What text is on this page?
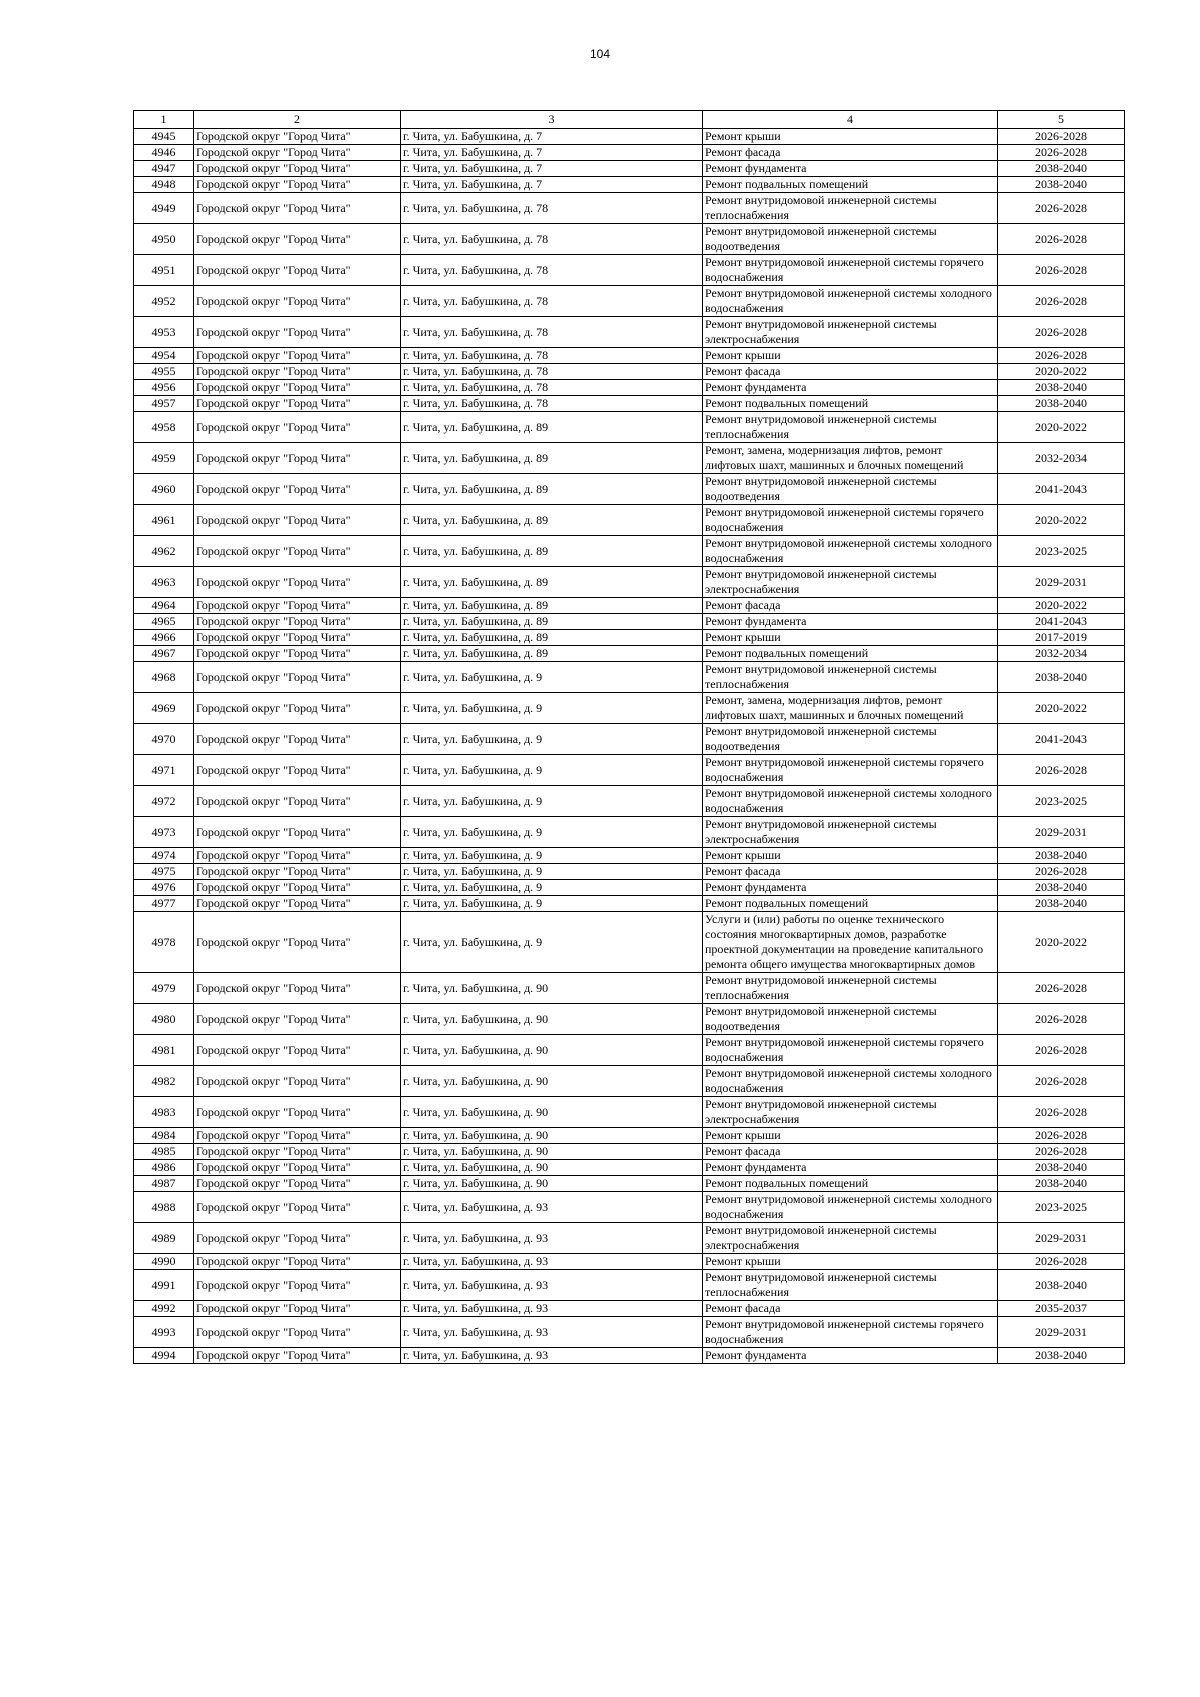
104
1	2	3	4	5
4945	Городской округ "Город Чита"	г. Чита, ул. Бабушкина, д. 7	Ремонт крыши	2026-2028
4946	Городской округ "Город Чита"	г. Чита, ул. Бабушкина, д. 7	Ремонт фасада	2026-2028
4947	Городской округ "Город Чита"	г. Чита, ул. Бабушкина, д. 7	Ремонт фундамента	2038-2040
4948	Городской округ "Город Чита"	г. Чита, ул. Бабушкина, д. 7	Ремонт подвальных помещений	2038-2040
4949	Городской округ "Город Чита"	г. Чита, ул. Бабушкина, д. 78	Ремонт внутридомовой инженерной системы теплоснабжения	2026-2028
4950	Городской округ "Город Чита"	г. Чита, ул. Бабушкина, д. 78	Ремонт внутридомовой инженерной системы водоотведения	2026-2028
4951	Городской округ "Город Чита"	г. Чита, ул. Бабушкина, д. 78	Ремонт внутридомовой инженерной системы горячего водоснабжения	2026-2028
4952	Городской округ "Город Чита"	г. Чита, ул. Бабушкина, д. 78	Ремонт внутридомовой инженерной системы холодного водоснабжения	2026-2028
4953	Городской округ "Город Чита"	г. Чита, ул. Бабушкина, д. 78	Ремонт внутридомовой инженерной системы электроснабжения	2026-2028
4954	Городской округ "Город Чита"	г. Чита, ул. Бабушкина, д. 78	Ремонт крыши	2026-2028
4955	Городской округ "Город Чита"	г. Чита, ул. Бабушкина, д. 78	Ремонт фасада	2020-2022
4956	Городской округ "Город Чита"	г. Чита, ул. Бабушкина, д. 78	Ремонт фундамента	2038-2040
4957	Городской округ "Город Чита"	г. Чита, ул. Бабушкина, д. 78	Ремонт подвальных помещений	2038-2040
4958	Городской округ "Город Чита"	г. Чита, ул. Бабушкина, д. 89	Ремонт внутридомовой инженерной системы теплоснабжения	2020-2022
4959	Городской округ "Город Чита"	г. Чита, ул. Бабушкина, д. 89	Ремонт, замена, модернизация лифтов, ремонт лифтовых шахт, машинных и блочных помещений	2032-2034
4960	Городской округ "Город Чита"	г. Чита, ул. Бабушкина, д. 89	Ремонт внутридомовой инженерной системы водоотведения	2041-2043
4961	Городской округ "Город Чита"	г. Чита, ул. Бабушкина, д. 89	Ремонт внутридомовой инженерной системы горячего водоснабжения	2020-2022
4962	Городской округ "Город Чита"	г. Чита, ул. Бабушкина, д. 89	Ремонт внутридомовой инженерной системы холодного водоснабжения	2023-2025
4963	Городской округ "Город Чита"	г. Чита, ул. Бабушкина, д. 89	Ремонт внутридомовой инженерной системы электроснабжения	2029-2031
4964	Городской округ "Город Чита"	г. Чита, ул. Бабушкина, д. 89	Ремонт фасада	2020-2022
4965	Городской округ "Город Чита"	г. Чита, ул. Бабушкина, д. 89	Ремонт фундамента	2041-2043
4966	Городской округ "Город Чита"	г. Чита, ул. Бабушкина, д. 89	Ремонт крыши	2017-2019
4967	Городской округ "Город Чита"	г. Чита, ул. Бабушкина, д. 89	Ремонт подвальных помещений	2032-2034
4968	Городской округ "Город Чита"	г. Чита, ул. Бабушкина, д. 9	Ремонт внутридомовой инженерной системы теплоснабжения	2038-2040
4969	Городской округ "Город Чита"	г. Чита, ул. Бабушкина, д. 9	Ремонт, замена, модернизация лифтов, ремонт лифтовых шахт, машинных и блочных помещений	2020-2022
4970	Городской округ "Город Чита"	г. Чита, ул. Бабушкина, д. 9	Ремонт внутридомовой инженерной системы водоотведения	2041-2043
4971	Городской округ "Город Чита"	г. Чита, ул. Бабушкина, д. 9	Ремонт внутридомовой инженерной системы горячего водоснабжения	2026-2028
4972	Городской округ "Город Чита"	г. Чита, ул. Бабушкина, д. 9	Ремонт внутридомовой инженерной системы холодного водоснабжения	2023-2025
4973	Городской округ "Город Чита"	г. Чита, ул. Бабушкина, д. 9	Ремонт внутридомовой инженерной системы электроснабжения	2029-2031
4974	Городской округ "Город Чита"	г. Чита, ул. Бабушкина, д. 9	Ремонт крыши	2038-2040
4975	Городской округ "Город Чита"	г. Чита, ул. Бабушкина, д. 9	Ремонт фасада	2026-2028
4976	Городской округ "Город Чита"	г. Чита, ул. Бабушкина, д. 9	Ремонт фундамента	2038-2040
4977	Городской округ "Город Чита"	г. Чита, ул. Бабушкина, д. 9	Ремонт подвальных помещений	2038-2040
4978	Городской округ "Город Чита"	г. Чита, ул. Бабушкина, д. 9	Услуги и (или) работы по оценке технического состояния многоквартирных домов, разработке проектной документации на проведение капитального ремонта общего имущества многоквартирных домов	2020-2022
4979	Городской округ "Город Чита"	г. Чита, ул. Бабушкина, д. 90	Ремонт внутридомовой инженерной системы теплоснабжения	2026-2028
4980	Городской округ "Город Чита"	г. Чита, ул. Бабушкина, д. 90	Ремонт внутридомовой инженерной системы водоотведения	2026-2028
4981	Городской округ "Город Чита"	г. Чита, ул. Бабушкина, д. 90	Ремонт внутридомовой инженерной системы горячего водоснабжения	2026-2028
4982	Городской округ "Город Чита"	г. Чита, ул. Бабушкина, д. 90	Ремонт внутридомовой инженерной системы холодного водоснабжения	2026-2028
4983	Городской округ "Город Чита"	г. Чита, ул. Бабушкина, д. 90	Ремонт внутридомовой инженерной системы электроснабжения	2026-2028
4984	Городской округ "Город Чита"	г. Чита, ул. Бабушкина, д. 90	Ремонт крыши	2026-2028
4985	Городской округ "Город Чита"	г. Чита, ул. Бабушкина, д. 90	Ремонт фасада	2026-2028
4986	Городской округ "Город Чита"	г. Чита, ул. Бабушкина, д. 90	Ремонт фундамента	2038-2040
4987	Городской округ "Город Чита"	г. Чита, ул. Бабушкина, д. 90	Ремонт подвальных помещений	2038-2040
4988	Городской округ "Город Чита"	г. Чита, ул. Бабушкина, д. 93	Ремонт внутридомовой инженерной системы холодного водоснабжения	2023-2025
4989	Городской округ "Город Чита"	г. Чита, ул. Бабушкина, д. 93	Ремонт внутридомовой инженерной системы электроснабжения	2029-2031
4990	Городской округ "Город Чита"	г. Чита, ул. Бабушкина, д. 93	Ремонт крыши	2026-2028
4991	Городской округ "Город Чита"	г. Чита, ул. Бабушкина, д. 93	Ремонт внутридомовой инженерной системы теплоснабжения	2038-2040
4992	Городской округ "Город Чита"	г. Чита, ул. Бабушкина, д. 93	Ремонт фасада	2035-2037
4993	Городской округ "Город Чита"	г. Чита, ул. Бабушкина, д. 93	Ремонт внутридомовой инженерной системы горячего водоснабжения	2029-2031
4994	Городской округ "Город Чита"	г. Чита, ул. Бабушкина, д. 93	Ремонт фундамента	2038-2040
